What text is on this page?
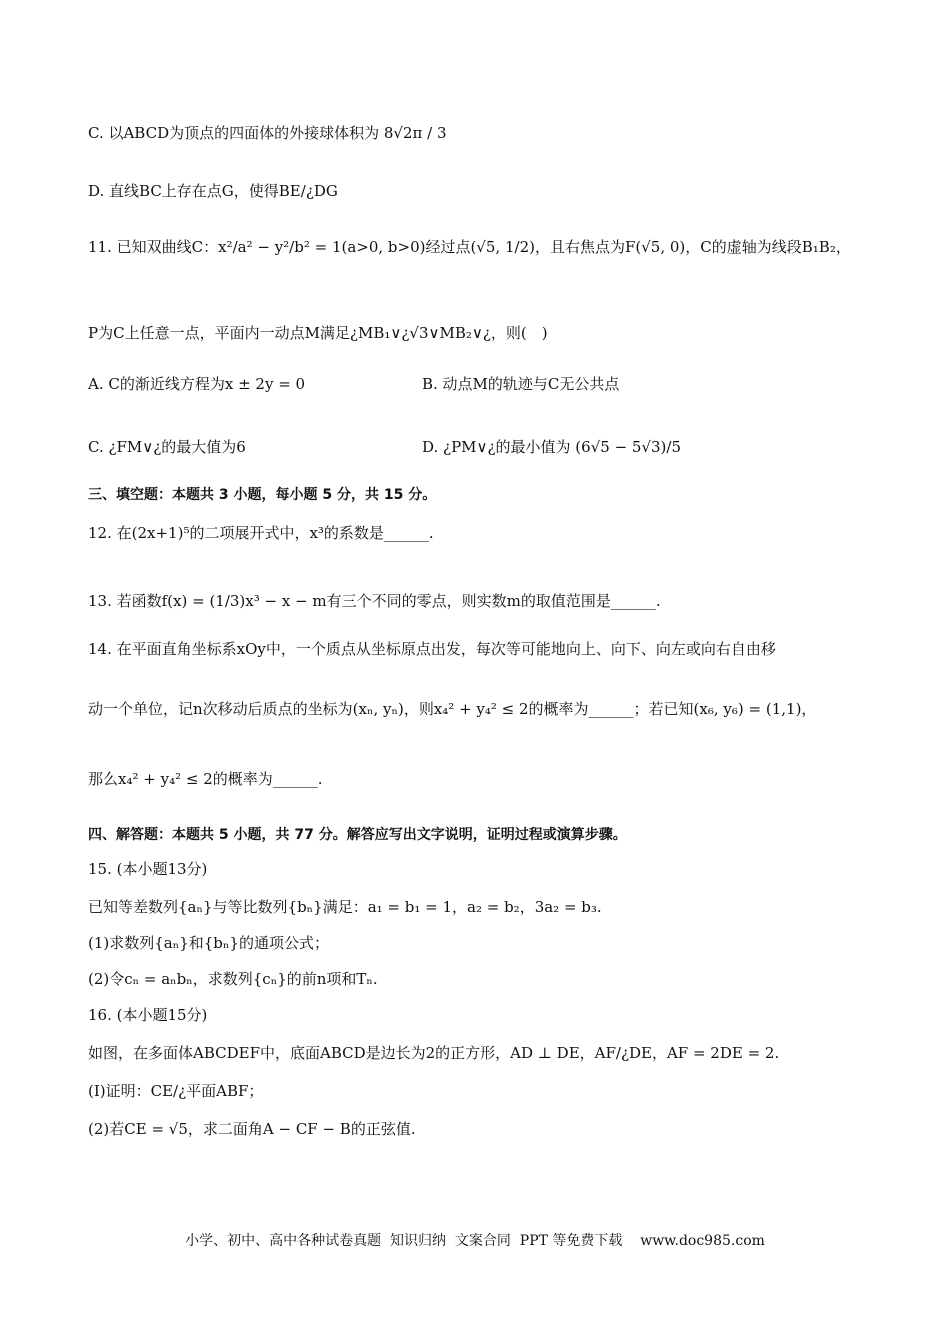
C. 以ABCD为顶点的四面体的外接球体积为 8√2π / 3
D. 直线BC上存在点G，使得BE/¿DG
11. 已知双曲线C：x²/a² − y²/b² = 1(a>0, b>0)经过点(√5, 1/2)，且右焦点为F(√5, 0)，C的虚轴为线段B₁B₂，
P为C上任意一点，平面内一动点M满足¿MB₁∨¿√3∨MB₂∨¿，则(　)
A. C的渐近线方程为x ± 2y = 0	B. 动点M的轨迹与C无公共点
C. ¿FM∨¿的最大值为6	D. ¿PM∨¿的最小值为 (6√5 − 5√3)/5
三、填空题：本题共 3 小题，每小题 5 分，共 15 分。
12. 在(2x+1)⁵的二项展开式中，x³的系数是______.
13. 若函数f(x) = (1/3)x³ − x − m有三个不同的零点，则实数m的取值范围是______.
14. 在平面直角坐标系xOy中，一个质点从坐标原点出发，每次等可能地向上、向下、向左或向右自由移
动一个单位，记n次移动后质点的坐标为(xₙ, yₙ)，则x₄² + y₄² ≤ 2的概率为______；若已知(x₆, y₆) = (1,1)，
那么x₄² + y₄² ≤ 2的概率为______.
四、解答题：本题共 5 小题，共 77 分。解答应写出文字说明，证明过程或演算步骤。
15. (本小题13分)
已知等差数列{aₙ}与等比数列{bₙ}满足：a₁ = b₁ = 1，a₂ = b₂，3a₂ = b₃.
(1)求数列{aₙ}和{bₙ}的通项公式；
(2)令cₙ = aₙbₙ，求数列{cₙ}的前n项和Tₙ.
16. (本小题15分)
如图，在多面体ABCDEF中，底面ABCD是边长为2的正方形，AD ⊥ DE，AF/¿DE，AF = 2DE = 2.
(I)证明：CE/¿平面ABF；
(2)若CE = √5，求二面角A − CF − B的正弦值.
小学、初中、高中各种试卷真题  知识归纳  文案合同  PPT 等免费下载    www.doc985.com
